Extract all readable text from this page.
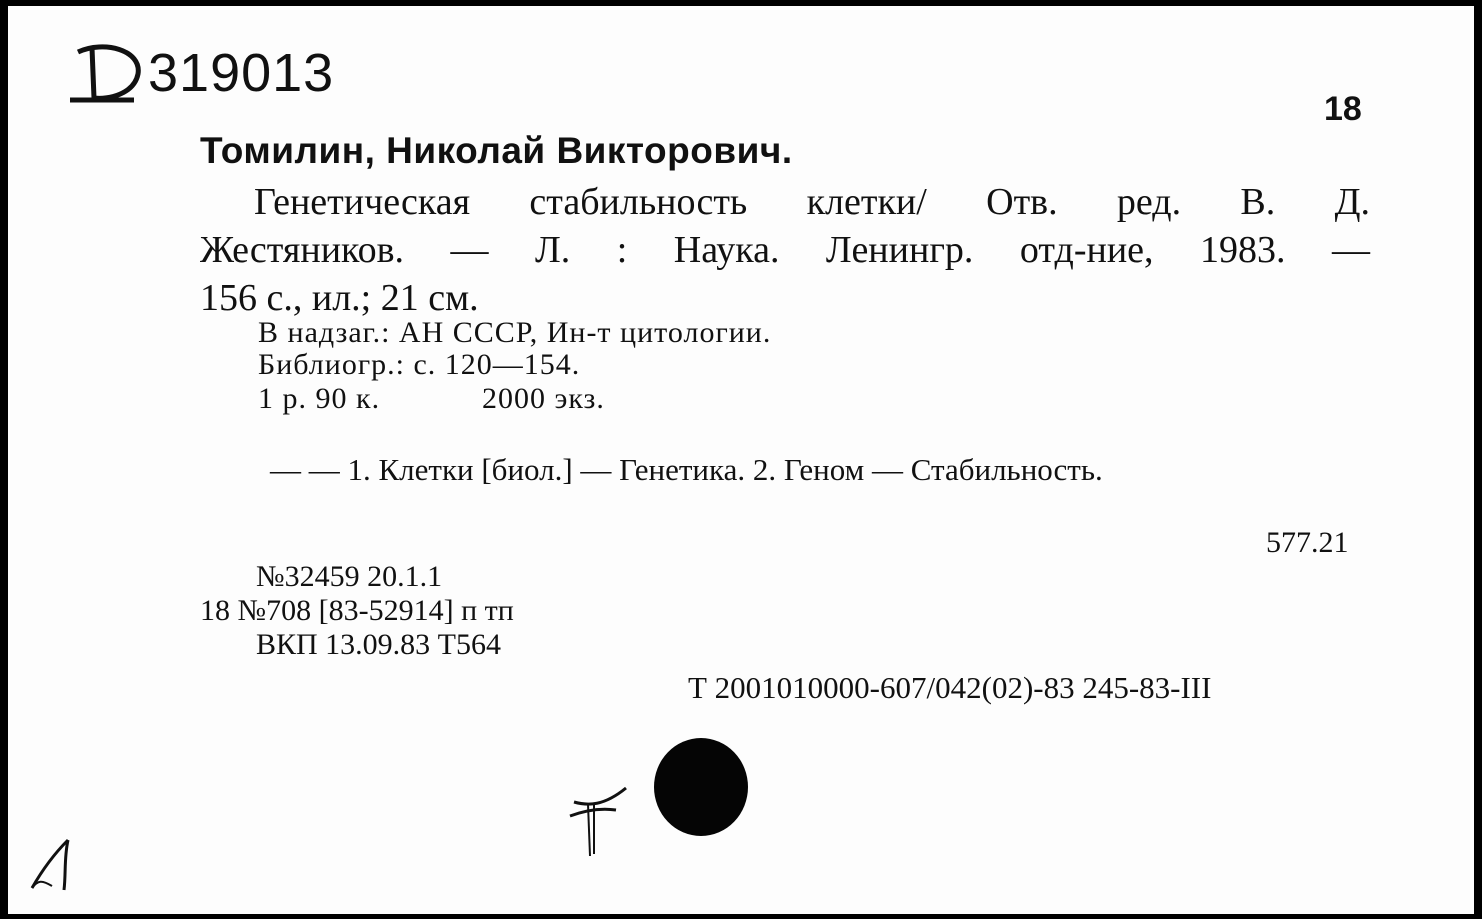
319013
18
Томилин, Николай Викторович.
Генетическая стабильность клетки/ Отв. ред. В. Д.
Жестяников. — Л. : Наука. Ленингр. отд-ние, 1983. —
156 с., ил.; 21 см.
В надзаг.: АН СССР, Ин-т цитологии.
Библиогр.: с. 120—154.
1 р. 90 к.	2000 экз.
— — 1. Клетки [биол.] — Генетика. 2. Геном — Стабильность.
577.21
№32459 20.1.1
18 №708 [83-52914] п тп
ВКП 13.09.83 Т564
Т 2001010000-607/042(02)-83 245-83-III
